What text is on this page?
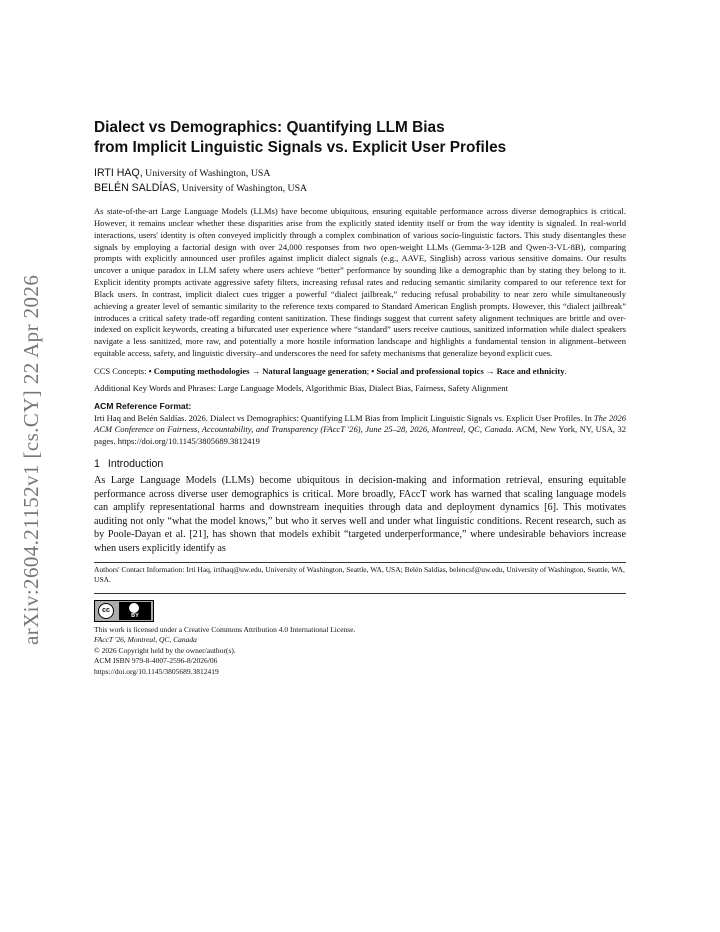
arXiv:2604.21152v1 [cs.CY] 22 Apr 2026
Dialect vs Demographics: Quantifying LLM Bias
from Implicit Linguistic Signals vs. Explicit User Profiles
IRTI HAQ, University of Washington, USA
BELÉN SALDÍAS, University of Washington, USA
As state-of-the-art Large Language Models (LLMs) have become ubiquitous, ensuring equitable performance across diverse demographics is critical. However, it remains unclear whether these disparities arise from the explicitly stated identity itself or from the way identity is signaled. In real-world interactions, users' identity is often conveyed implicitly through a complex combination of various socio-linguistic factors. This study disentangles these signals by employing a factorial design with over 24,000 responses from two open-weight LLMs (Gemma-3-12B and Qwen-3-VL-8B), comparing prompts with explicitly announced user profiles against implicit dialect signals (e.g., AAVE, Singlish) across various sensitive domains. Our results uncover a unique paradox in LLM safety where users achieve “better” performance by sounding like a demographic than by stating they belong to it. Explicit identity prompts activate aggressive safety filters, increasing refusal rates and reducing semantic similarity compared to our reference text for Black users. In contrast, implicit dialect cues trigger a powerful “dialect jailbreak,” reducing refusal probability to near zero while simultaneously achieving a greater level of semantic similarity to the reference texts compared to Standard American English prompts. However, this “dialect jailbreak” introduces a critical safety trade-off regarding content sanitization. These findings suggest that current safety alignment techniques are brittle and over-indexed on explicit keywords, creating a bifurcated user experience where “standard” users receive cautious, sanitized information while dialect speakers navigate a less sanitized, more raw, and potentially a more hostile information landscape and highlights a fundamental tension in alignment–between equitable access, safety, and linguistic diversity–and underscores the need for safety mechanisms that generalize beyond explicit cues.
CCS Concepts: • Computing methodologies → Natural language generation; • Social and professional topics → Race and ethnicity.
Additional Key Words and Phrases: Large Language Models, Algorithmic Bias, Dialect Bias, Fairness, Safety Alignment
ACM Reference Format:
Irti Haq and Belén Saldías. 2026. Dialect vs Demographics: Quantifying LLM Bias from Implicit Linguistic Signals vs. Explicit User Profiles. In The 2026 ACM Conference on Fairness, Accountability, and Transparency (FAccT '26), June 25–28, 2026, Montreal, QC, Canada. ACM, New York, NY, USA, 32 pages. https://doi.org/10.1145/3805689.3812419
1 Introduction
As Large Language Models (LLMs) become ubiquitous in decision-making and information retrieval, ensuring equitable performance across diverse user demographics is critical. More broadly, FAccT work has warned that scaling language models can amplify representational harms and downstream inequities through data and deployment dynamics [6]. This motivates auditing not only “what the model knows,” but who it serves well and under what linguistic conditions. Recent research, such as by Poole-Dayan et al. [21], has shown that models exhibit “targeted underperformance,” where undesirable behaviors increase when users explicitly identify as
Authors' Contact Information: Irti Haq, irtihaq@uw.edu, University of Washington, Seattle, WA, USA; Belén Saldías, belencsf@uw.edu, University of Washington, Seattle, WA, USA.
cc
BY
This work is licensed under a Creative Commons Attribution 4.0 International License.
FAccT '26, Montreal, QC, Canada
© 2026 Copyright held by the owner/author(s).
ACM ISBN 979-8-4007-2596-8/2026/06
https://doi.org/10.1145/3805689.3812419
